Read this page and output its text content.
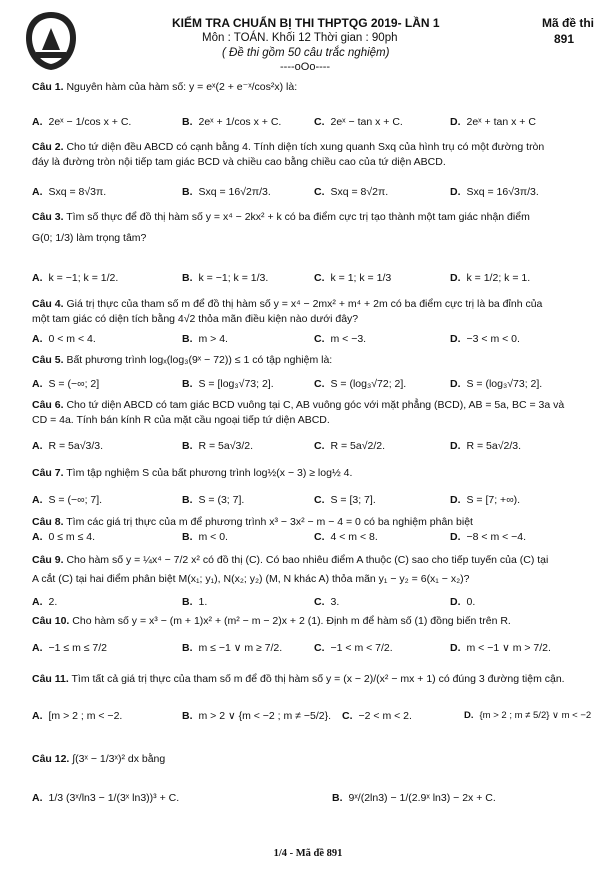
KIỂM TRA CHUẨN BỊ THI THPTQG 2019- LẦN 1
Môn : TOÁN. Khối 12 Thời gian : 90ph
( Đề thi gồm 50 câu trắc nghiệm)
----oOo----
Mã đề thi
891
Câu 1. Nguyên hàm của hàm số: y = eˣ(2 + e⁻ˣ/cos²x) là:
A. 2eˣ − 1/cos x + C.	B. 2eˣ + 1/cos x + C.	C. 2eˣ − tan x + C.	D. 2eˣ + tan x + C
Câu 2. Cho tứ diện đều ABCD có cạnh bằng 4. Tính diện tích xung quanh Sxq của hình trụ có một đường tròn
đáy là đường tròn nội tiếp tam giác BCD và chiều cao bằng chiều cao của tứ diện ABCD.
A. Sxq = 8√3π.	B. Sxq = 16√2π/3.	C. Sxq = 8√2π.	D. Sxq = 16√3π/3.
Câu 3. Tìm số thực để đồ thị hàm số y = x⁴ − 2kx² + k có ba điểm cực trị tạo thành một tam giác nhận điểm
G(0; 1/3) làm trọng tâm?
A. k = −1; k = 1/2.	B. k = −1; k = 1/3.	C. k = 1; k = 1/3	D. k = 1/2; k = 1.
Câu 4. Giá trị thực của tham số m để đồ thị hàm số y = x⁴ − 2mx² + m⁴ + 2m có ba điểm cực trị là ba đỉnh của
một tam giác có diện tích bằng 4√2 thỏa mãn điều kiện nào dưới đây?
A. 0 < m < 4.	B. m > 4.	C. m < −3.	D. −3 < m < 0.
Câu 5. Bất phương trình logₓ(log₃(9ˣ − 72)) ≤ 1 có tập nghiệm là:
A. S = (−∞; 2]	B. S = [log₃√73; 2].	C. S = (log₃√72; 2].	D. S = (log₃√73; 2].
Câu 6. Cho tứ diện ABCD có tam giác BCD vuông tại C, AB vuông góc với mặt phẳng (BCD), AB = 5a, BC = 3a và
CD = 4a. Tính bán kính R của mặt cầu ngoại tiếp tứ diện ABCD.
A. R = 5a√3/3.	B. R = 5a√3/2.	C. R = 5a√2/2.	D. R = 5a√2/3.
Câu 7. Tìm tập nghiệm S của bất phương trình log½(x − 3) ≥ log½ 4.
A. S = (−∞; 7].	B. S = (3; 7].	C. S = [3; 7].	D. S = [7; +∞).
Câu 8. Tìm các giá trị thực của m để phương trình x³ − 3x² − m − 4 = 0 có ba nghiệm phân biệt
A. 0 ≤ m ≤ 4.	B. m < 0.	C. 4 < m < 8.	D. −8 < m < −4.
Câu 9. Cho hàm số y = ¼x⁴ − 7/2 x² có đồ thị (C). Có bao nhiêu điểm A thuộc (C) sao cho tiếp tuyến của (C) tại
A cắt (C) tại hai điểm phân biệt M(x₁; y₁), N(x₂; y₂) (M, N khác A) thỏa mãn y₁ − y₂ = 6(x₁ − x₂)?
A. 2.	B. 1.	C. 3.	D. 0.
Câu 10. Cho hàm số y = x³ − (m + 1)x² + (m² − m − 2)x + 2 (1). Định m để hàm số (1) đồng biến trên R.
A. −1 ≤ m ≤ 7/2	B. m ≤ −1 ∨ m ≥ 7/2.	C. −1 < m < 7/2.	D. m < −1 ∨ m > 7/2.
Câu 11. Tìm tất cả giá trị thực của tham số m để đồ thị hàm số y = (x − 2)/(x² − mx + 1) có đúng 3 đường tiệm cận.
A. [m > 2 ; m < −2.	B. m > 2 ∨ {m < −2 ; m ≠ −5/2}. C. −2 < m < 2.	D. {m > 2 ; m ≠ 5/2} ∨ m < −2
Câu 12. ∫(3ˣ − 1/3ˣ)² dx bằng
A. 1/3 (3ˣ/ln3 − 1/(3ˣ ln3))³ + C.	B. 9ˣ/(2ln3) − 1/(2.9ˣ ln3) − 2x + C.
1/4 - Mã đề 891
